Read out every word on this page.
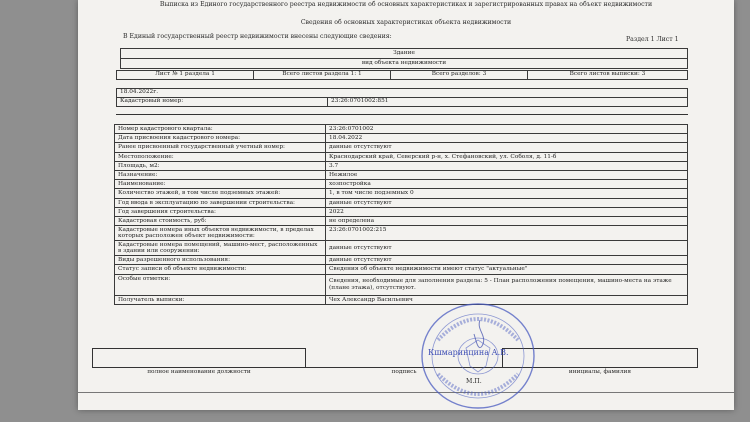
Выписка из Единого государственного реестра недвижимости об основных характеристиках и зарегистрированных правах на объект недвижимости
Сведения об основных характеристиках объекта недвижимости
В Единый государственный реестр недвижимости внесены следующие сведения:	Раздел 1 Лист 1
Здание
вид объекта недвижимости
Лист № 1 раздела 1	Всего листов раздела 1: 1	Всего разделов: 3	Всего листов выписки: 3
18.04.2022г.
Кадастровый номер:	23:26:0701002:851
Номер кадастрового квартала:	23:26:0701002
Дата присвоения кадастрового номера:	18.04.2022
Ранее присвоенный государственный учетный номер:	данные отсутствуют
Местоположение:	Краснодарский край, Северский р-н, х. Стефановский, ул. Соболя, д. 11-б
Площадь, м2:	3.7
Назначение:	Нежилое
Наименование:	хозпостройка
Количество этажей, в том числе подземных этажей:	1, в том числе подземных 0
Год ввода в эксплуатацию по завершении строительства:	данные отсутствуют
Год завершения строительства:	2022
Кадастровая стоимость, руб:	не определена
Кадастровые номера иных объектов недвижимости, в пределах которых расположен объект недвижимости:	23:26:0701002:215
Кадастровые номера помещений, машино-мест, расположенных в здании или сооружении:	данные отсутствуют
Виды разрешенного использования:	данные отсутствуют
Статус записи об объекте недвижимости:	Сведения об объекте недвижимости имеют статус "актуальные"
Особые отметки:	Сведения, необходимые для заполнения раздела: 5 - План расположения помещения, машино-места на этаже (плане этажа), отсутствуют.
Получатель выписки:	Чех Александр Васильевич

полное наименование должности	подпись	инициалы, фамилия
М.П.
Кшмаринцина А.В.
